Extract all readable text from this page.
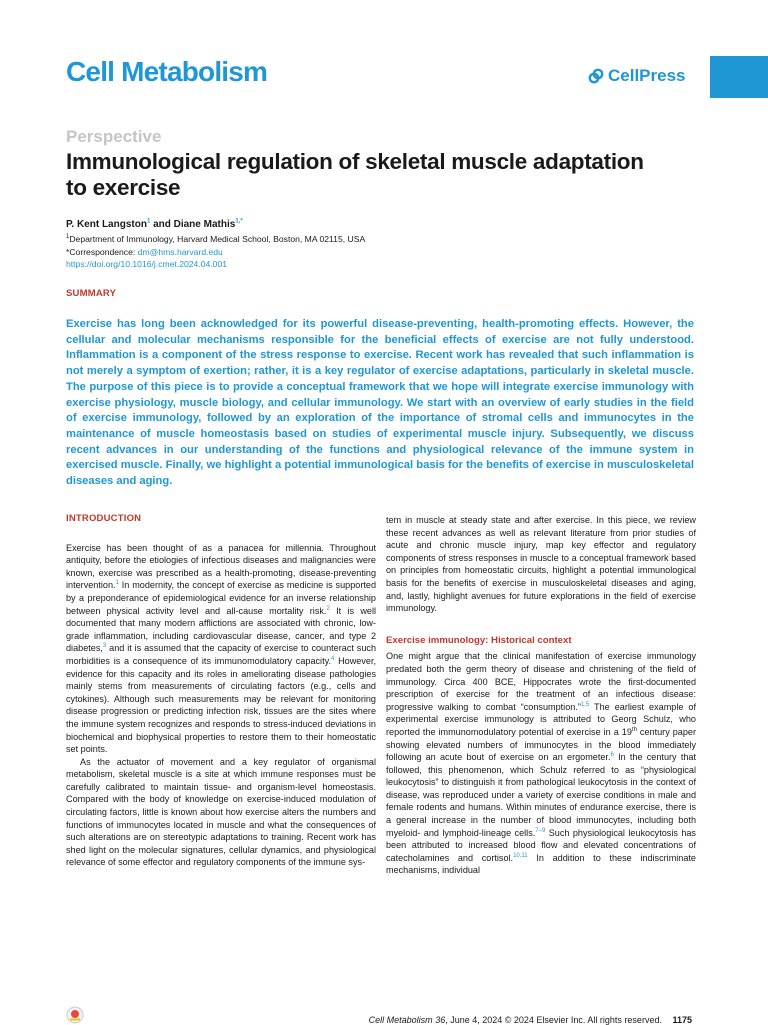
Cell Metabolism	CellPress
Perspective
Immunological regulation of skeletal muscle adaptation to exercise
P. Kent Langston$^1$ and Diane Mathis$^{1,*}$
$^1$Department of Immunology, Harvard Medical School, Boston, MA 02115, USA
*Correspondence: dm@hms.harvard.edu
https://doi.org/10.1016/j.cmet.2024.04.001
SUMMARY

Exercise has long been acknowledged for its powerful disease-preventing, health-promoting effects. However, the cellular and molecular mechanisms responsible for the beneficial effects of exercise are not fully understood. Inflammation is a component of the stress response to exercise. Recent work has revealed that such inflammation is not merely a symptom of exertion; rather, it is a key regulator of exercise adaptations, particularly in skeletal muscle. The purpose of this piece is to provide a conceptual framework that we hope will integrate exercise immunology with exercise physiology, muscle biology, and cellular immunology. We start with an overview of early studies in the field of exercise immunology, followed by an exploration of the importance of stromal cells and immunocytes in the maintenance of muscle homeostasis based on studies of experimental muscle injury. Subsequently, we discuss recent advances in our understanding of the functions and physiological relevance of the immune system in exercised muscle. Finally, we highlight a potential immunological basis for the benefits of exercise in musculoskeletal diseases and aging.

INTRODUCTION

Exercise has been thought of as a panacea for millennia. Throughout antiquity, before the etiologies of infectious diseases and malignancies were known, exercise was prescribed as a health-promoting, disease-preventing intervention.$^1$ In modernity, the concept of exercise as medicine is supported by a preponderance of epidemiological evidence for an inverse relationship between physical activity level and all-cause mortality risk.$^2$ It is well documented that many modern afflictions are associated with chronic, low-grade inflammation, including cardiovascular disease, cancer, and type 2 diabetes,$^3$ and it is assumed that the capacity of exercise to counteract such morbidities is a consequence of its immunomodulatory capacity.$^4$ However, evidence for this capacity and its roles in ameliorating disease pathologies mainly stems from measurements of circulating factors (e.g., cells and cytokines). Although such measurements may be relevant for monitoring disease progression or predicting infection risk, tissues are the sites where the immune system recognizes and responds to stress-induced deviations in biochemical and biophysical properties to restore them to their homeostatic set points.

As the actuator of movement and a key regulator of organismal metabolism, skeletal muscle is a site at which immune responses must be carefully calibrated to maintain tissue- and organism-level homeostasis. Compared with the body of knowledge on exercise-induced modulation of circulating factors, little is known about how exercise alters the numbers and functions of immunocytes located in muscle and what the consequences of such alterations are on stereotypic adaptations to training. Recent work has shed light on the molecular signatures, cellular dynamics, and physiological relevance of some effector and regulatory components of the immune sys-

tem in muscle at steady state and after exercise. In this piece, we review these recent advances as well as relevant literature from prior studies of acute and chronic muscle injury, map key effector and regulatory components of stress responses in muscle to a conceptual framework based on principles from homeostatic circuits, highlight a potential immunological basis for the benefits of exercise in musculoskeletal diseases and aging, and, lastly, highlight avenues for future explorations in the field of exercise immunology.

Exercise immunology: Historical context

One might argue that the clinical manifestation of exercise immunology predated both the germ theory of disease and christening of the field of immunology. Circa 400 BCE, Hippocrates wrote the first-documented prescription of exercise for the treatment of an infectious disease: progressive walking to combat “consumption.”$^{1,5}$ The earliest example of experimental exercise immunology is attributed to Georg Schulz, who reported the immunomodulatory potential of exercise in a 19th century paper showing elevated numbers of immunocytes in the blood immediately following an acute bout of exercise on an ergometer.$^6$ In the century that followed, this phenomenon, which Schulz referred to as “physiological leukocytosis” to distinguish it from pathological leukocytosis in the context of disease, was reproduced under a variety of exercise conditions in male and female rodents and humans. Within minutes of endurance exercise, there is a general increase in the number of blood immunocytes, including both myeloid- and lymphoid-lineage cells.$^{7-9}$ Such physiological leukocytosis has been attributed to increased blood flow and elevated concentrations of catecholamines and cortisol.$^{10,11}$ In addition to these indiscriminate mechanisms, individual

Cell Metabolism 36, June 4, 2024 © 2024 Elsevier Inc. All rights reserved. 1175
